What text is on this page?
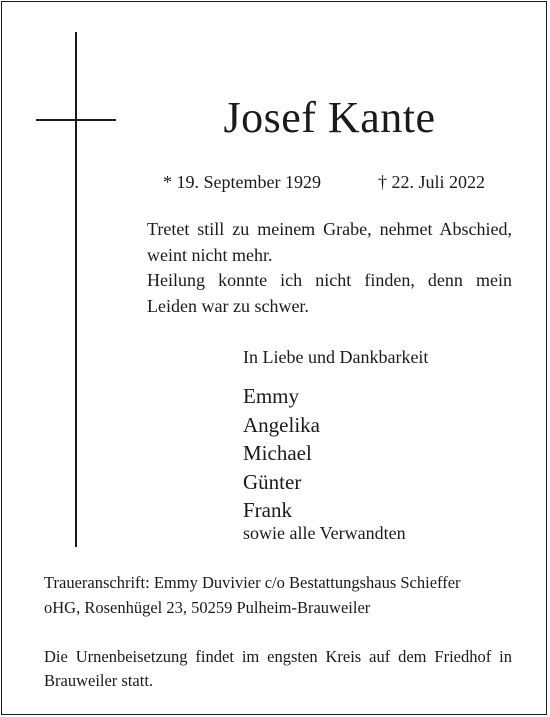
Josef Kante
* 19. September 1929	† 22. Juli 2022

Tretet still zu meinem Grabe, nehmet Abschied, weint nicht mehr.

Heilung konnte ich nicht finden, denn mein Leiden war zu schwer.

In Liebe und Dankbarkeit
Emmy
Angelika
Michael
Günter
Frank
sowie alle Verwandten
Traueranschrift: Emmy Duvivier c/o Bestattungshaus Schieffer
oHG, Rosenhügel 23, 50259 Pulheim-Brauweiler
Die Urnenbeisetzung findet im engsten Kreis auf dem Friedhof in Brauweiler statt.
